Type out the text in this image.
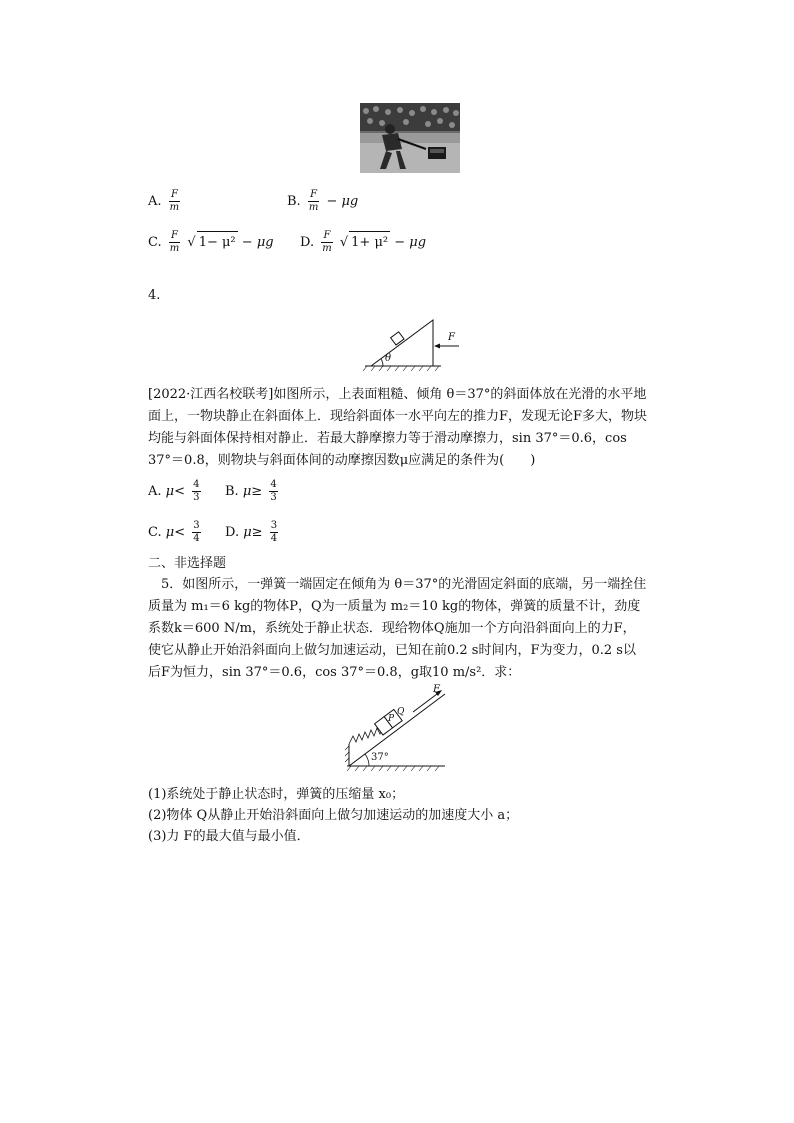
A. $\frac{F}{m}$	B. $\frac{F}{m} - \mu g$
C. $\frac{F}{m}$ √ 1− μ² − μg D. $\frac{F}{m}$ √ 1+ μ² − μg
4.
F
θ
[2022·江西名校联考]如图所示，上表面粗糙、倾角 θ＝37°的斜面体放在光滑的水平地面上，一物块静止在斜面体上．现给斜面体一水平向左的推力F，发现无论F多大，物块均能与斜面体保持相对静止．若最大静摩擦力等于滑动摩擦力，sin 37°＝0.6，cos 37°＝0.8，则物块与斜面体间的动摩擦因数μ应满足的条件为(　　)
A. $\mu< \frac{4}{3} B$. $\mu\ge \frac{4}{3}$
C. $\mu< \frac{3}{4} D$. $\mu\ge \frac{3}{4}$
二、非选择题
5．如图所示，一弹簧一端固定在倾角为 θ＝37°的光滑固定斜面的底端，另一端拴住质量为 m₁＝6 kg的物体P，Q为一质量为 m₂＝10 kg的物体，弹簧的质量不计，劲度系数k＝600 N/m，系统处于静止状态．现给物体Q施加一个方向沿斜面向上的力F，使它从静止开始沿斜面向上做匀加速运动，已知在前0.2 s时间内，F为变力，0.2 s以后F为恒力，sin 37°＝0.6，cos 37°＝0.8，g取10 m/s²．求：
F
P
Q
37°
(1)系统处于静止状态时，弹簧的压缩量 x₀；
(2)物体 Q从静止开始沿斜面向上做匀加速运动的加速度大小 a；
(3)力 F的最大值与最小值．
